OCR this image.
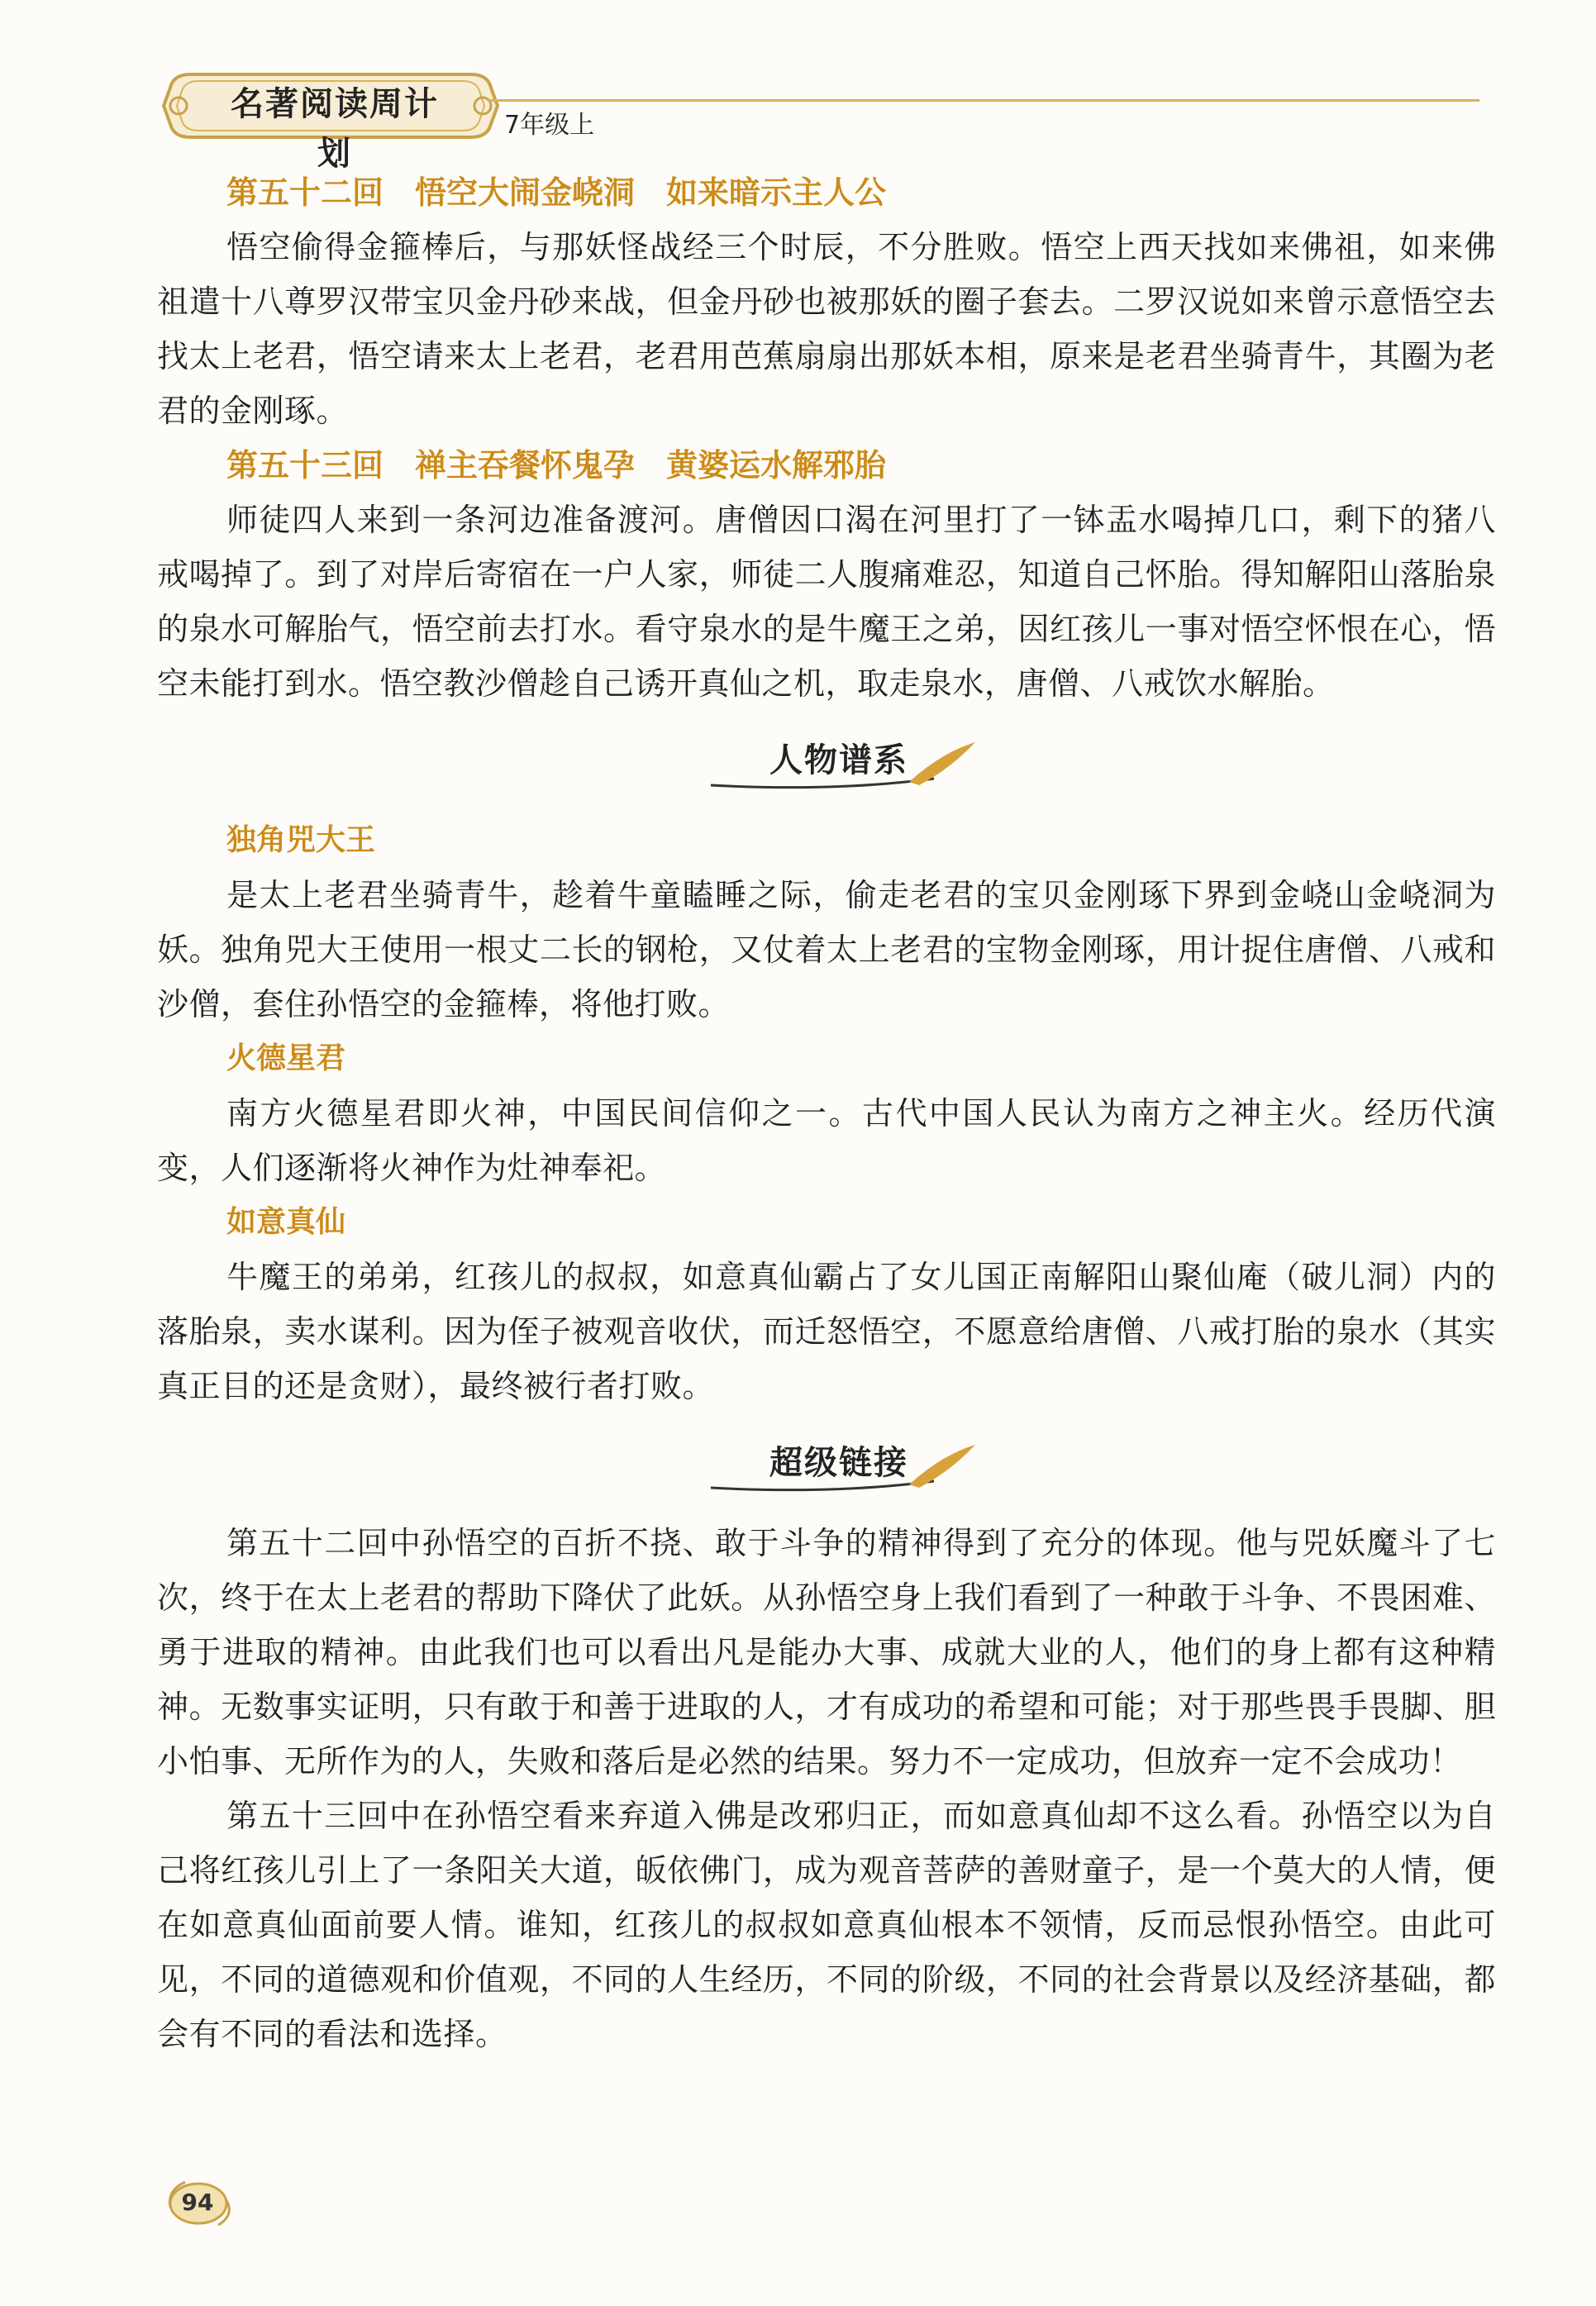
名著阅读周计划
7年级上
第五十二回　悟空大闹金峣洞　如来暗示主人公

悟空偷得金箍棒后，与那妖怪战经三个时辰，不分胜败。悟空上西天找如来佛祖，如来佛祖遣十八尊罗汉带宝贝金丹砂来战，但金丹砂也被那妖的圈子套去。二罗汉说如来曾示意悟空去找太上老君，悟空请来太上老君，老君用芭蕉扇扇出那妖本相，原来是老君坐骑青牛，其圈为老君的金刚琢。

第五十三回　禅主吞餐怀鬼孕　黄婆运水解邪胎

师徒四人来到一条河边准备渡河。唐僧因口渴在河里打了一钵盂水喝掉几口，剩下的猪八戒喝掉了。到了对岸后寄宿在一户人家，师徒二人腹痛难忍，知道自己怀胎。得知解阳山落胎泉的泉水可解胎气，悟空前去打水。看守泉水的是牛魔王之弟，因红孩儿一事对悟空怀恨在心，悟空未能打到水。悟空教沙僧趁自己诱开真仙之机，取走泉水，唐僧、八戒饮水解胎。

人物谱系
独角兕大王

是太上老君坐骑青牛，趁着牛童瞌睡之际，偷走老君的宝贝金刚琢下界到金峣山金峣洞为妖。独角兕大王使用一根丈二长的钢枪，又仗着太上老君的宝物金刚琢，用计捉住唐僧、八戒和沙僧，套住孙悟空的金箍棒，将他打败。

火德星君

南方火德星君即火神，中国民间信仰之一。古代中国人民认为南方之神主火。经历代演变，人们逐渐将火神作为灶神奉祀。

如意真仙

牛魔王的弟弟，红孩儿的叔叔，如意真仙霸占了女儿国正南解阳山聚仙庵（破儿洞）内的落胎泉，卖水谋利。因为侄子被观音收伏，而迁怒悟空，不愿意给唐僧、八戒打胎的泉水（其实真正目的还是贪财），最终被行者打败。

超级链接

第五十二回中孙悟空的百折不挠、敢于斗争的精神得到了充分的体现。他与兕妖魔斗了七次，终于在太上老君的帮助下降伏了此妖。从孙悟空身上我们看到了一种敢于斗争、不畏困难、勇于进取的精神。由此我们也可以看出凡是能办大事、成就大业的人，他们的身上都有这种精神。无数事实证明，只有敢于和善于进取的人，才有成功的希望和可能；对于那些畏手畏脚、胆小怕事、无所作为的人，失败和落后是必然的结果。努力不一定成功，但放弃一定不会成功！

第五十三回中在孙悟空看来弃道入佛是改邪归正，而如意真仙却不这么看。孙悟空以为自己将红孩儿引上了一条阳关大道，皈依佛门，成为观音菩萨的善财童子，是一个莫大的人情，便在如意真仙面前要人情。谁知，红孩儿的叔叔如意真仙根本不领情，反而忌恨孙悟空。由此可见，不同的道德观和价值观，不同的人生经历，不同的阶级，不同的社会背景以及经济基础，都会有不同的看法和选择。

94
